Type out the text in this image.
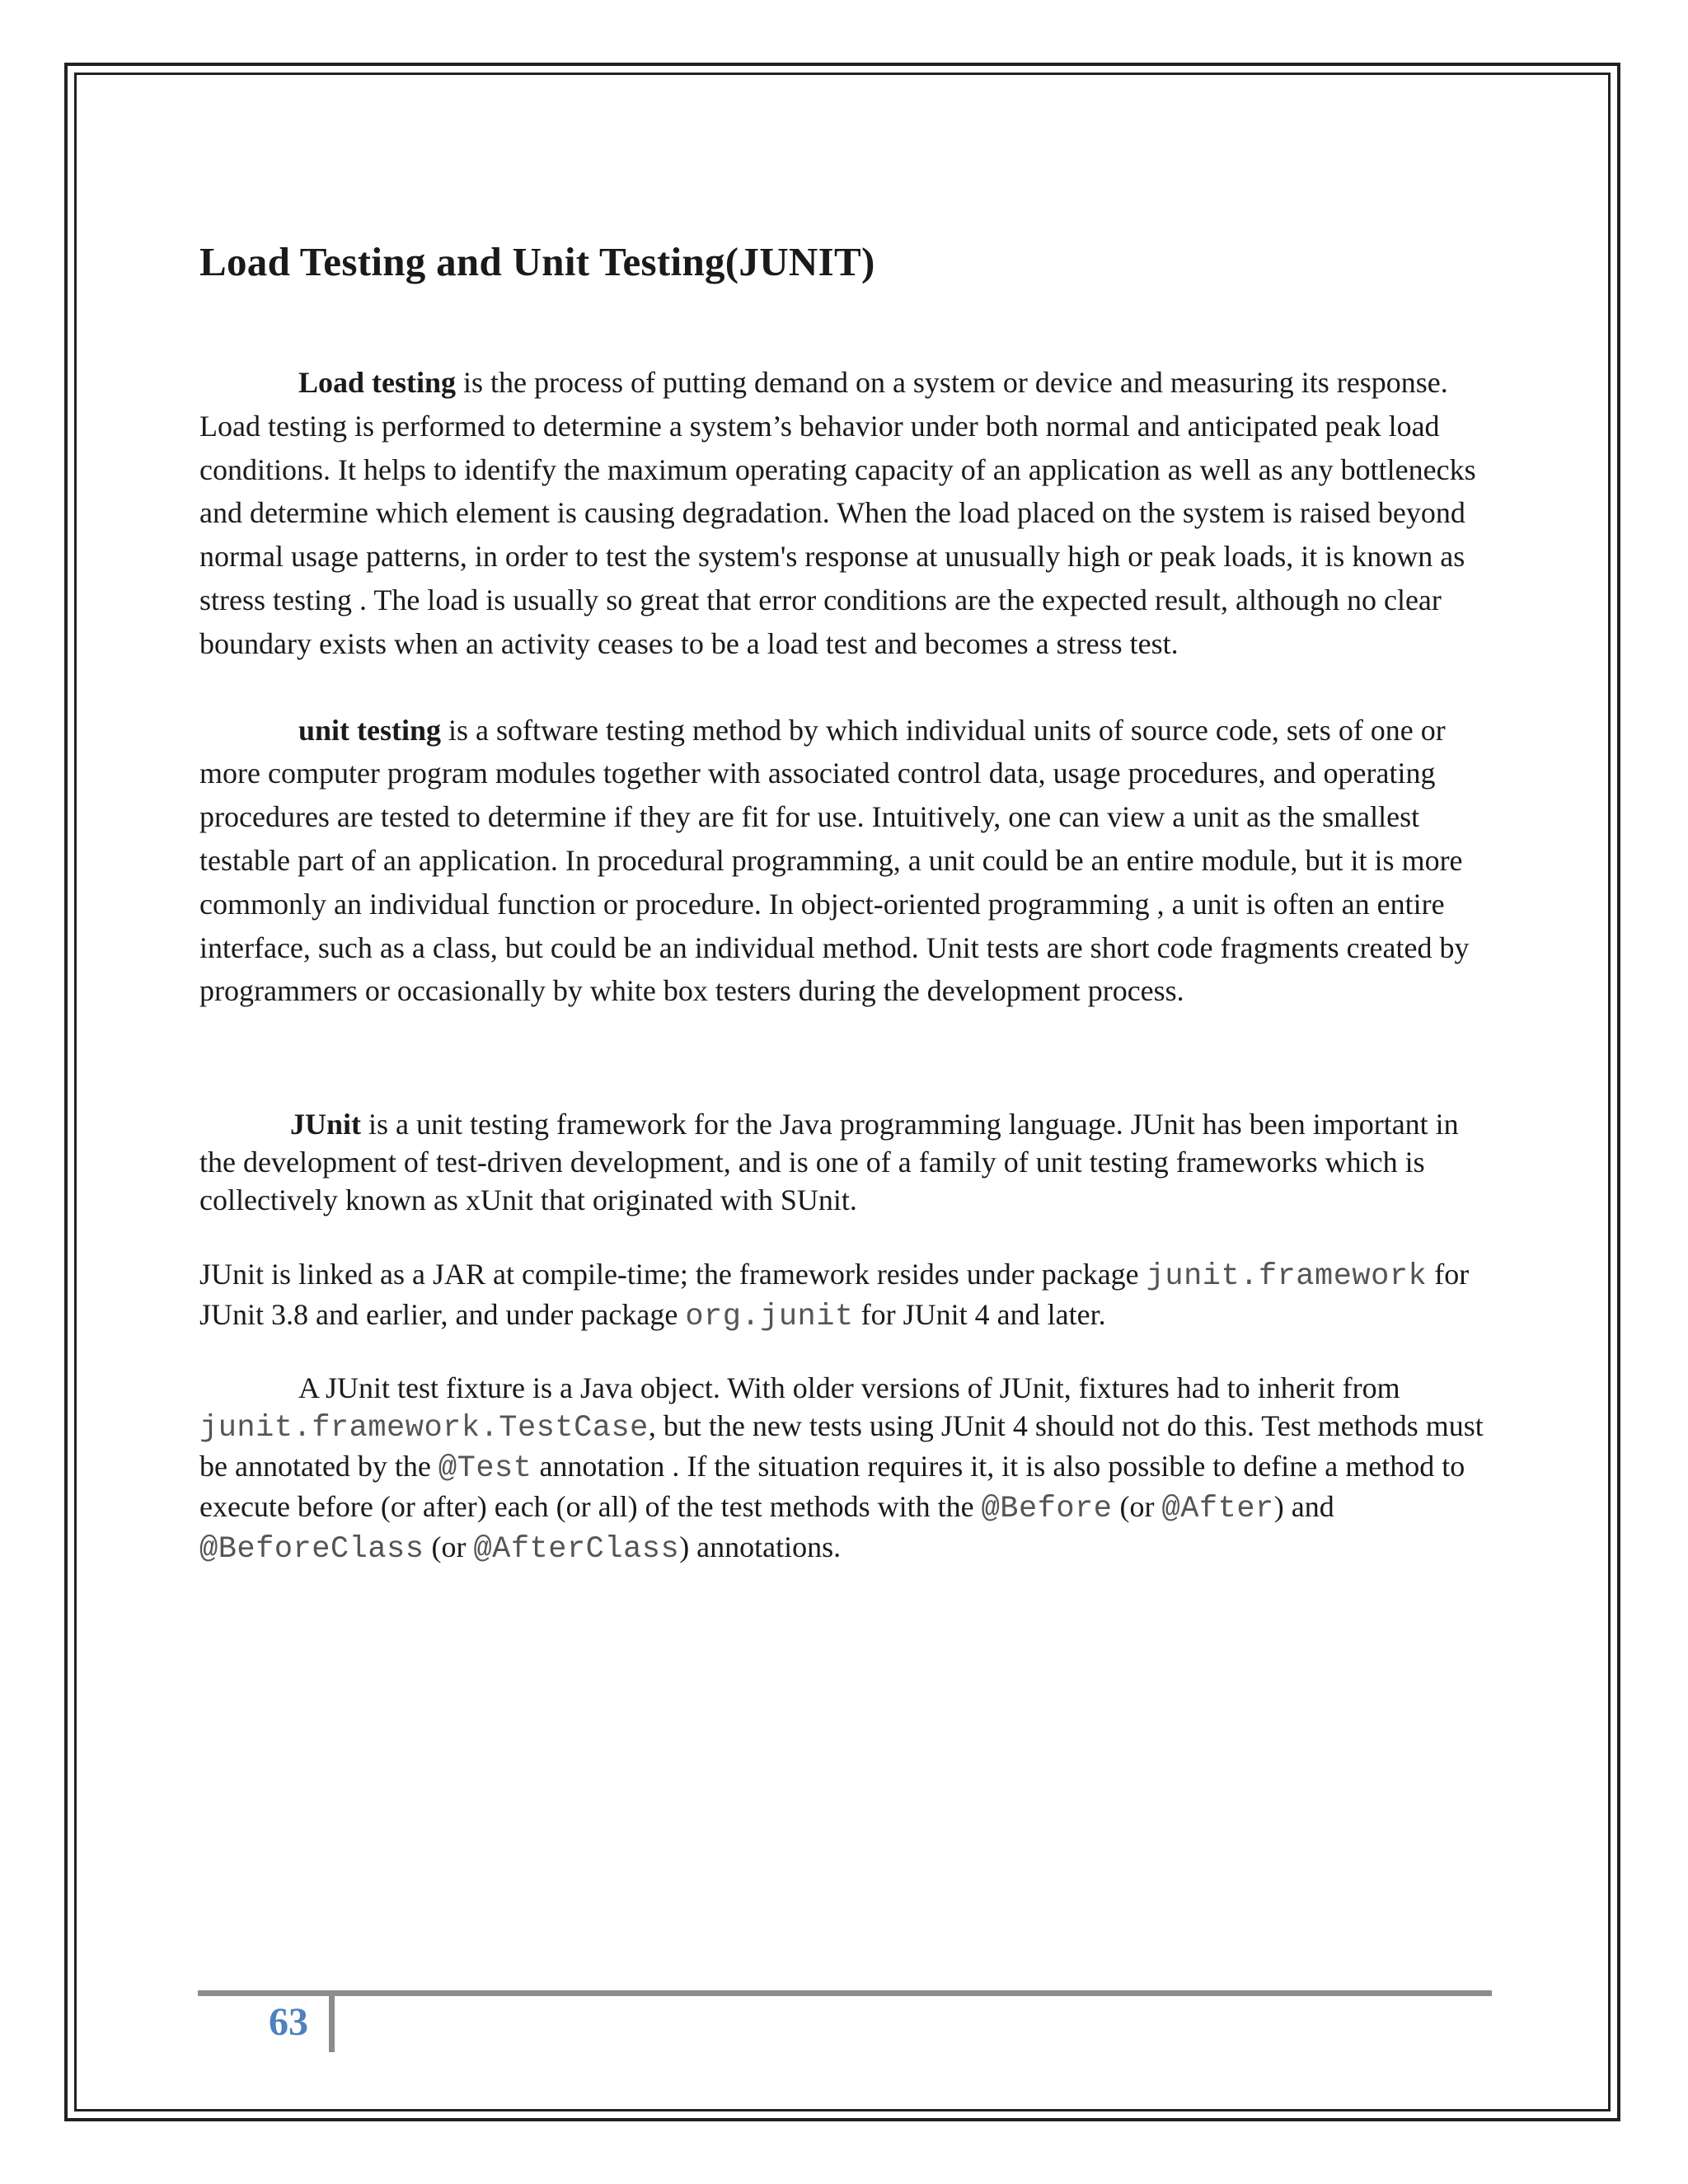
Load Testing and Unit Testing(JUNIT)

Load testing is the process of putting demand on a system or device and measuring its response. Load testing is performed to determine a system’s behavior under both normal and anticipated peak load conditions. It helps to identify the maximum operating capacity of an application as well as any bottlenecks and determine which element is causing degradation. When the load placed on the system is raised beyond normal usage patterns, in order to test the system's response at unusually high or peak loads, it is known as stress testing . The load is usually so great that error conditions are the expected result, although no clear boundary exists when an activity ceases to be a load test and becomes a stress test.

unit testing is a software testing method by which individual units of source code, sets of one or more computer program modules together with associated control data, usage procedures, and operating procedures are tested to determine if they are fit for use. Intuitively, one can view a unit as the smallest testable part of an application. In procedural programming, a unit could be an entire module, but it is more commonly an individual function or procedure. In object-oriented programming , a unit is often an entire interface, such as a class, but could be an individual method. Unit tests are short code fragments created by programmers or occasionally by white box testers during the development process.

JUnit is a unit testing framework for the Java programming language. JUnit has been important in the development of test-driven development, and is one of a family of unit testing frameworks which is collectively known as xUnit that originated with SUnit.

JUnit is linked as a JAR at compile-time; the framework resides under package junit.framework for JUnit 3.8 and earlier, and under package org.junit for JUnit 4 and later.

A JUnit test fixture is a Java object. With older versions of JUnit, fixtures had to inherit from junit.framework.TestCase, but the new tests using JUnit 4 should not do this. Test methods must be annotated by the @Test annotation . If the situation requires it, it is also possible to define a method to execute before (or after) each (or all) of the test methods with the @Before (or @After) and @BeforeClass (or @AfterClass) annotations.

63
